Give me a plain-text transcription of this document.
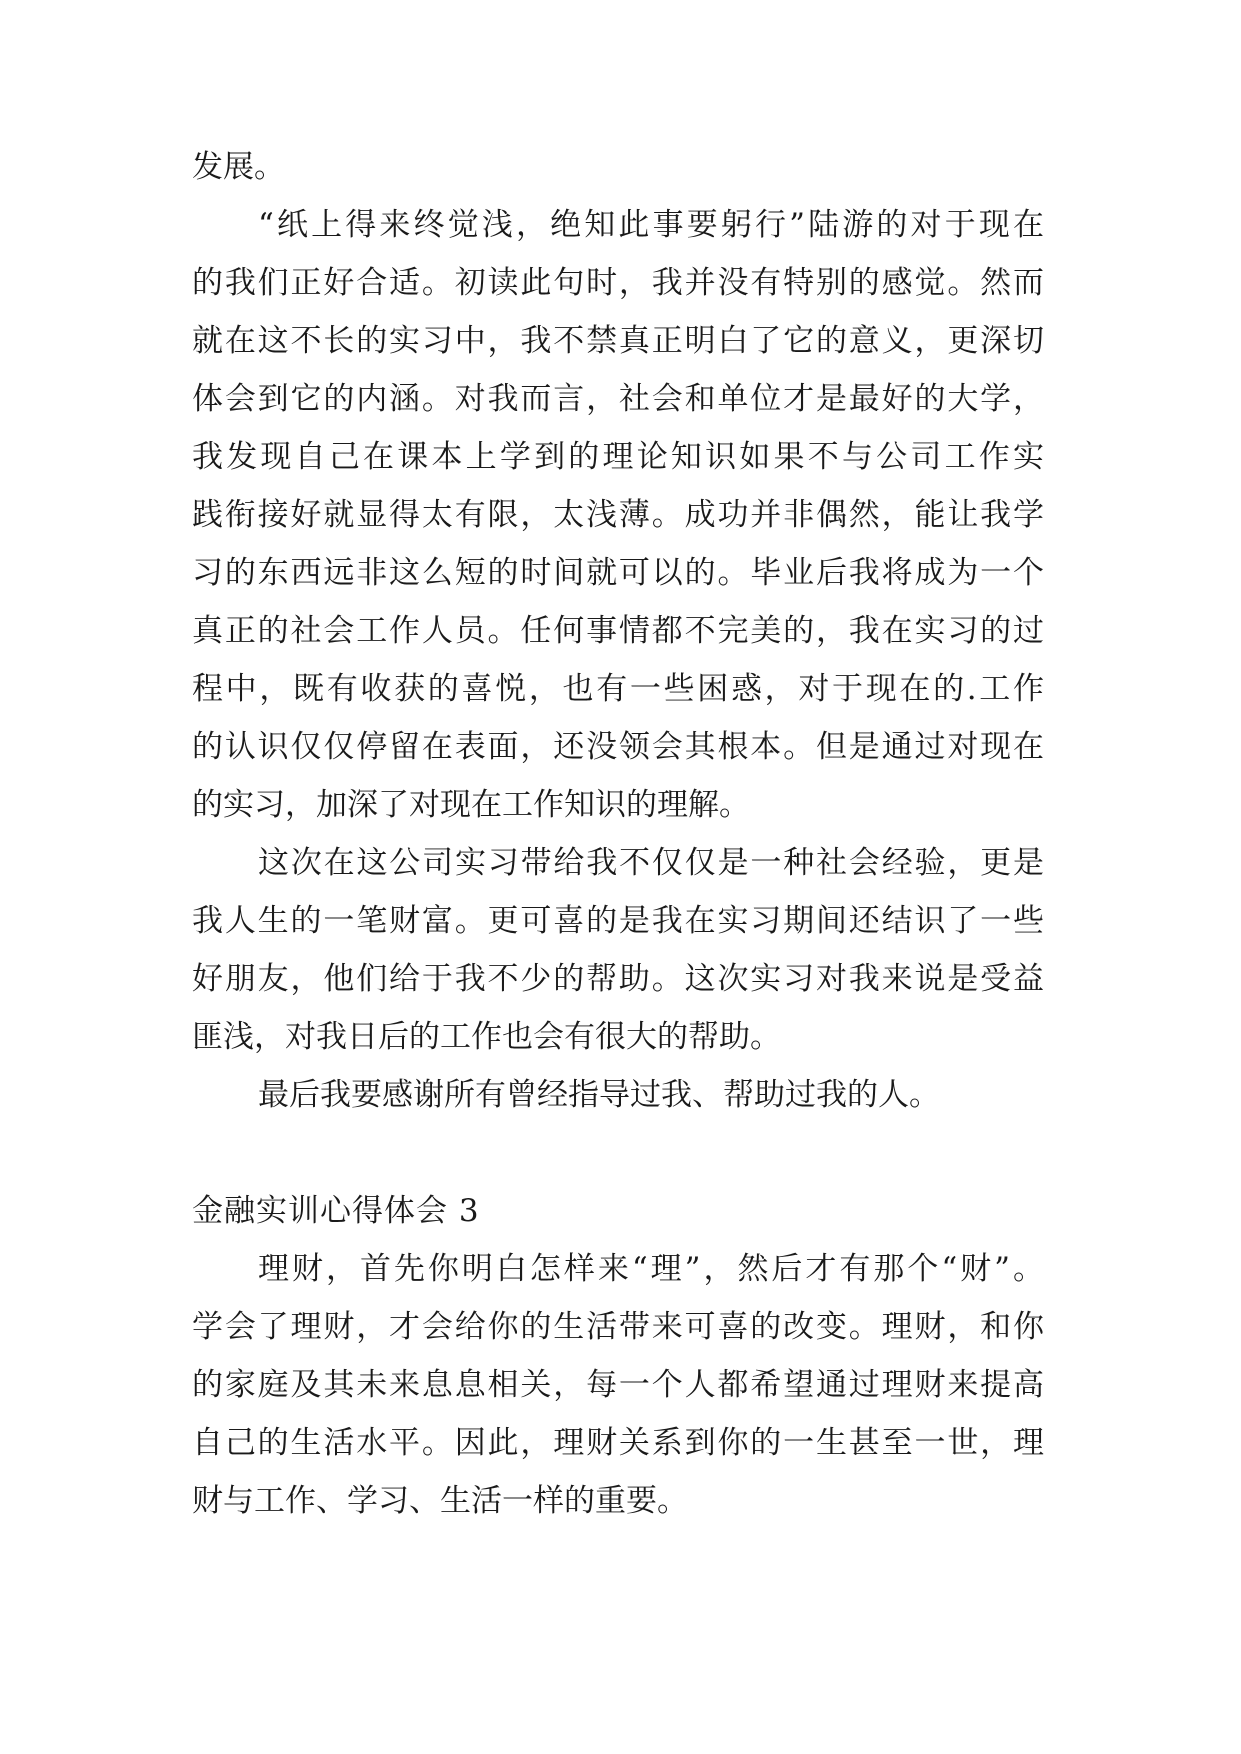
发展。
“纸上得来终觉浅，绝知此事要躬行”陆游的对于现在
的我们正好合适。初读此句时，我并没有特别的感觉。然而
就在这不长的实习中，我不禁真正明白了它的意义，更深切
体会到它的内涵。对我而言，社会和单位才是最好的大学，
我发现自己在课本上学到的理论知识如果不与公司工作实
践衔接好就显得太有限，太浅薄。成功并非偶然，能让我学
习的东西远非这么短的时间就可以的。毕业后我将成为一个
真正的社会工作人员。任何事情都不完美的，我在实习的过
程中，既有收获的喜悦，也有一些困惑，对于现在的.工作
的认识仅仅停留在表面，还没领会其根本。但是通过对现在
的实习，加深了对现在工作知识的理解。
这次在这公司实习带给我不仅仅是一种社会经验，更是
我人生的一笔财富。更可喜的是我在实习期间还结识了一些
好朋友，他们给于我不少的帮助。这次实习对我来说是受益
匪浅，对我日后的工作也会有很大的帮助。
最后我要感谢所有曾经指导过我、帮助过我的人。
金融实训心得体会 3
理财，首先你明白怎样来“理”，然后才有那个“财”。
学会了理财，才会给你的生活带来可喜的改变。理财，和你
的家庭及其未来息息相关，每一个人都希望通过理财来提高
自己的生活水平。因此，理财关系到你的一生甚至一世，理
财与工作、学习、生活一样的重要。
